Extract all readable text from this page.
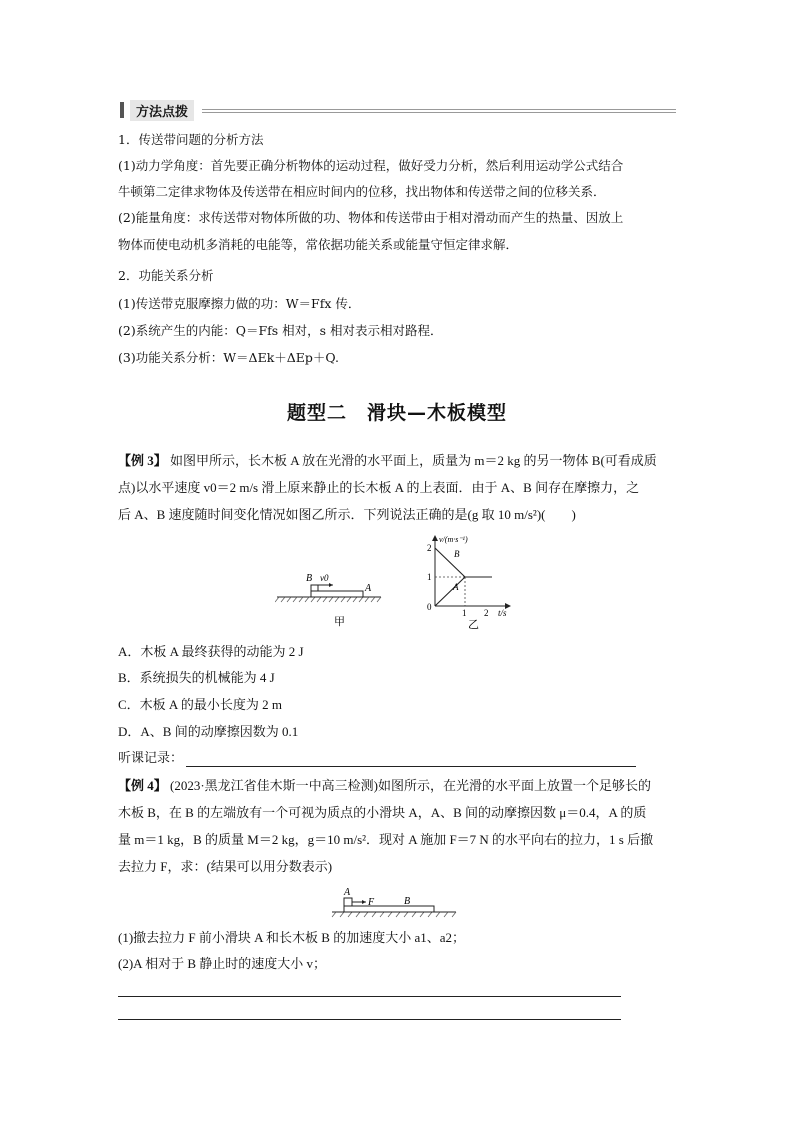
方法点拨
1．传送带问题的分析方法
(1)动力学角度：首先要正确分析物体的运动过程，做好受力分析，然后利用运动学公式结合
牛顿第二定律求物体及传送带在相应时间内的位移，找出物体和传送带之间的位移关系．
(2)能量角度：求传送带对物体所做的功、物体和传送带由于相对滑动而产生的热量、因放上
物体而使电动机多消耗的电能等，常依据功能关系或能量守恒定律求解．
2．功能关系分析
(1)传送带克服摩擦力做的功：W＝Ffx 传．
(2)系统产生的内能：Q＝Ffs 相对，s 相对表示相对路程．
(3)功能关系分析：W＝ΔEk＋ΔEp＋Q.
题型二　滑块—木板模型
【例 3】 如图甲所示，长木板 A 放在光滑的水平面上，质量为 m＝2 kg 的另一物体 B(可看成质
点)以水平速度 v0＝2 m/s 滑上原来静止的长木板 A 的上表面．由于 A、B 间存在摩擦力，之
后 A、B 速度随时间变化情况如图乙所示．下列说法正确的是(g 取 10 m/s²)(　　)
B v0
A
甲
v/(m·s⁻¹)
2
1
0
1 2 t/s
B
A
乙
A．木板 A 最终获得的动能为 2 J
B．系统损失的机械能为 4 J
C．木板 A 的最小长度为 2 m
D．A、B 间的动摩擦因数为 0.1
听课记录：
【例 4】 (2023·黑龙江省佳木斯一中高三检测)如图所示，在光滑的水平面上放置一个足够长的
木板 B，在 B 的左端放有一个可视为质点的小滑块 A，A、B 间的动摩擦因数 μ＝0.4，A 的质
量 m＝1 kg，B 的质量 M＝2 kg，g＝10 m/s²．现对 A 施加 F＝7 N 的水平向右的拉力，1 s 后撤
去拉力 F，求：(结果可以用分数表示)
A
F	B
(1)撤去拉力 F 前小滑块 A 和长木板 B 的加速度大小 a1、a2；
(2)A 相对于 B 静止时的速度大小 v；
